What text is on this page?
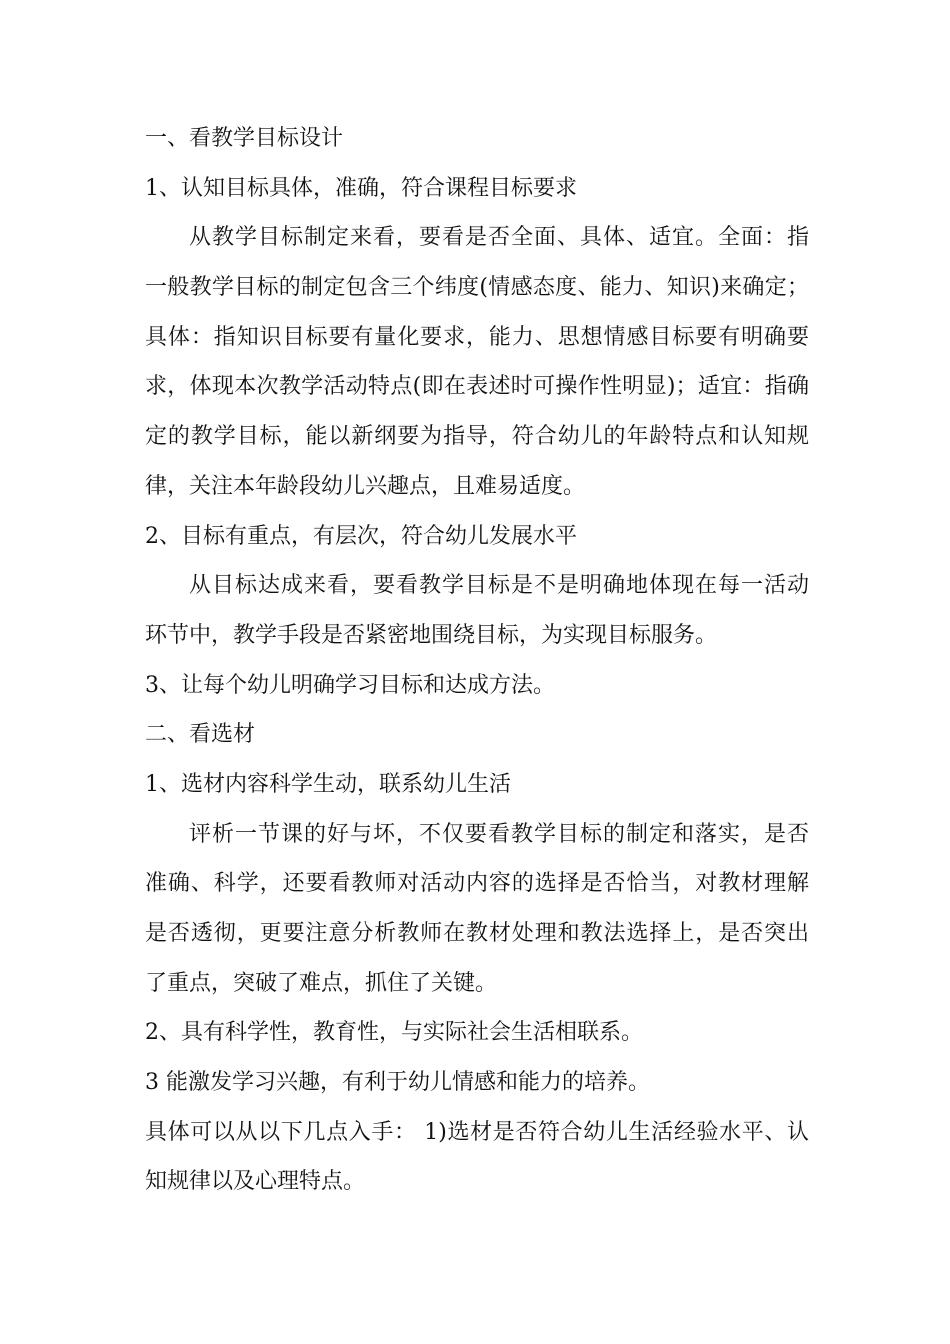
一、看教学目标设计
1、认知目标具体，准确，符合课程目标要求
从教学目标制定来看，要看是否全面、具体、适宜。全面：指
一般教学目标的制定包含三个纬度(情感态度、能力、知识)来确定；
具体：指知识目标要有量化要求，能力、思想情感目标要有明确要
求，体现本次教学活动特点(即在表述时可操作性明显)；适宜：指确
定的教学目标，能以新纲要为指导，符合幼儿的年龄特点和认知规
律，关注本年龄段幼儿兴趣点，且难易适度。
2、目标有重点，有层次，符合幼儿发展水平
从目标达成来看，要看教学目标是不是明确地体现在每一活动
环节中，教学手段是否紧密地围绕目标，为实现目标服务。
3、让每个幼儿明确学习目标和达成方法。
二、看选材
1、选材内容科学生动，联系幼儿生活
评析一节课的好与坏，不仅要看教学目标的制定和落实，是否
准确、科学，还要看教师对活动内容的选择是否恰当，对教材理解
是否透彻，更要注意分析教师在教材处理和教法选择上，是否突出
了重点，突破了难点，抓住了关键。
2、具有科学性，教育性，与实际社会生活相联系。
3 能激发学习兴趣，有利于幼儿情感和能力的培养。
具体可以从以下几点入手： 1)选材是否符合幼儿生活经验水平、认
知规律以及心理特点。
